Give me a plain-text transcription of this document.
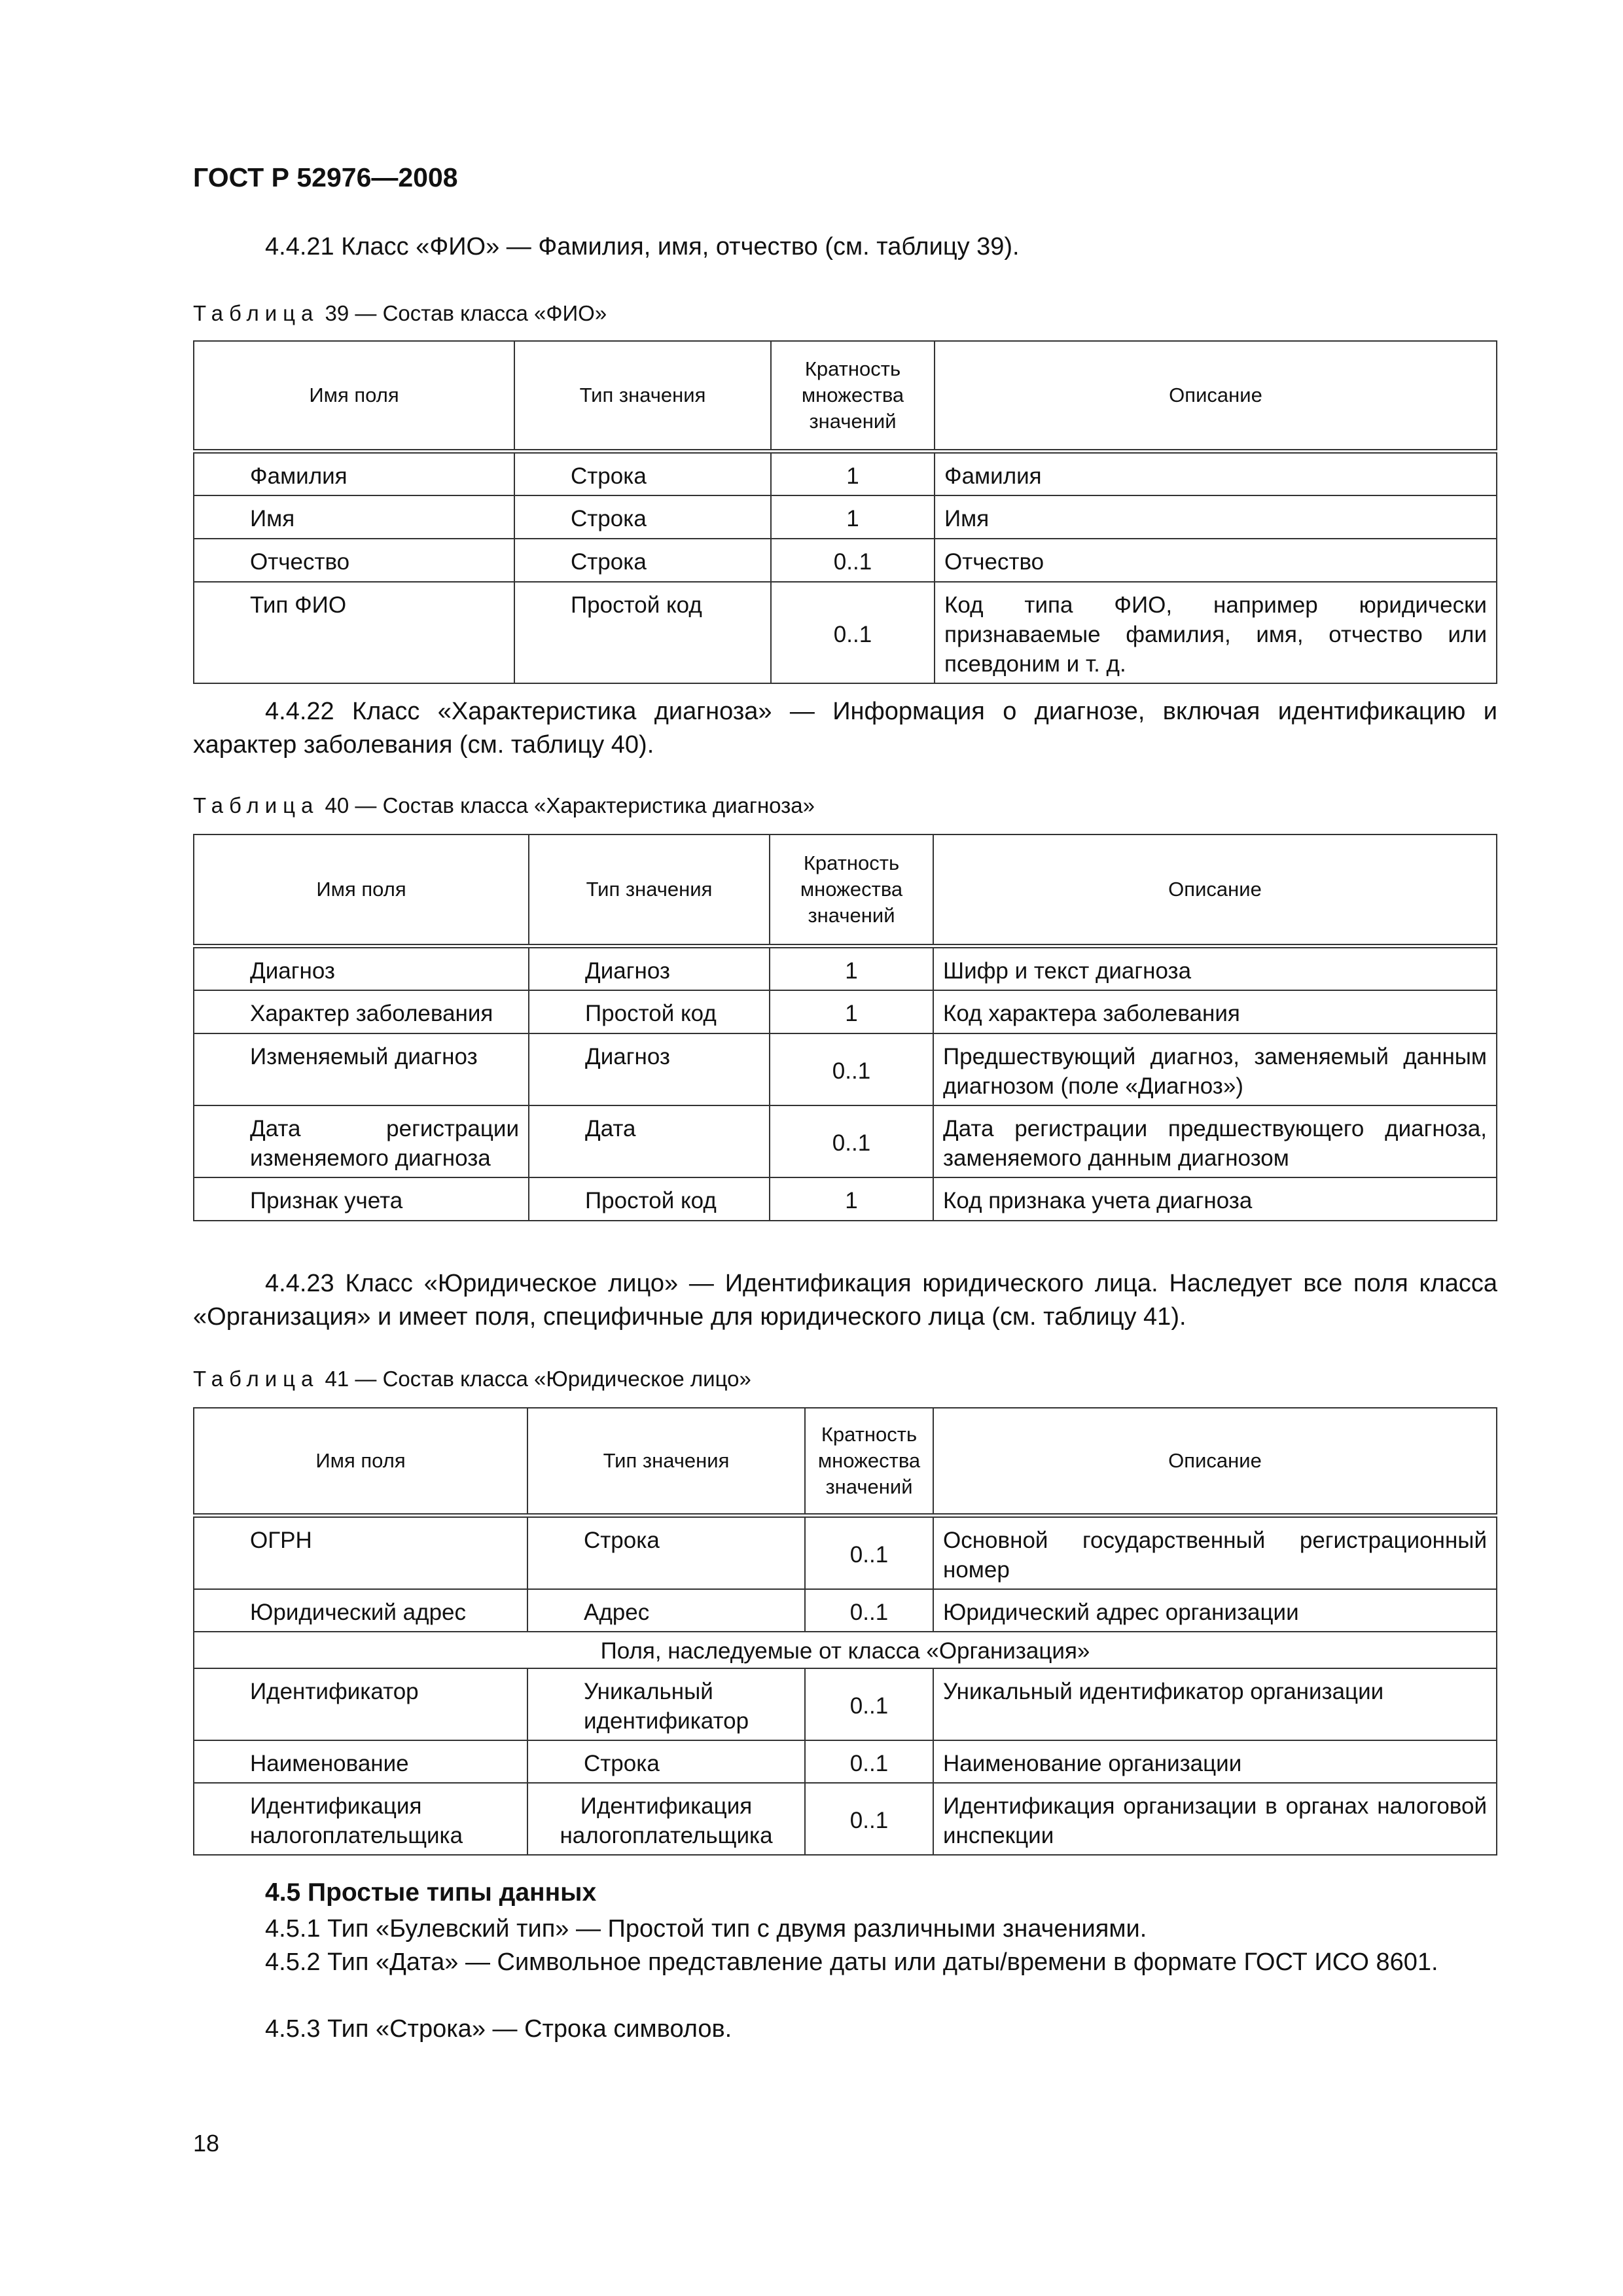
ГОСТ Р 52976—2008
4.4.21 Класс «ФИО» — Фамилия, имя, отчество (см. таблицу 39).
Таблица 39 — Состав класса «ФИО»
Имя поля	Тип значения	Кратность
множества
значений	Описание
Фамилия	Строка	1	Фамилия
Имя	Строка	1	Имя
Отчество	Строка	0..1	Отчество
Тип ФИО	Простой код	0..1	Код типа ФИО, например юридически признаваемые фамилия, имя, отчество или псевдоним и т. д.
4.4.22 Класс «Характеристика диагноза» — Информация о диагнозе, включая идентификацию и характер заболевания (см. таблицу 40).
Таблица 40 — Состав класса «Характеристика диагноза»
Имя поля	Тип значения	Кратность
множества
значений	Описание
Диагноз	Диагноз	1	Шифр и текст диагноза
Характер заболевания	Простой код	1	Код характера заболевания
Изменяемый диагноз	Диагноз	0..1	Предшествующий диагноз, заменяемый данным диагнозом (поле «Диагноз»)
Дата регистрации изменяемого диагноза	Дата	0..1	Дата регистрации предшествующего диагноза, заменяемого данным диагнозом
Признак учета	Простой код	1	Код признака учета диагноза
4.4.23 Класс «Юридическое лицо» — Идентификация юридического лица. Наследует все поля класса «Организация» и имеет поля, специфичные для юридического лица (см. таблицу 41).
Таблица 41 — Состав класса «Юридическое лицо»
Имя поля	Тип значения	Кратность
множества
значений	Описание
ОГРН	Строка	0..1	Основной государственный регистрационный номер
Юридический адрес	Адрес	0..1	Юридический адрес организации
Поля, наследуемые от класса «Организация»			
Идентификатор	Уникальный идентификатор	0..1	Уникальный идентификатор организации
Наименование	Строка	0..1	Наименование организации
Идентификация налогоплательщика	Идентификация налогоплательщика	0..1	Идентификация организации в органах налоговой инспекции
4.5 Простые типы данных
4.5.1 Тип «Булевский тип» — Простой тип с двумя различными значениями.
4.5.2 Тип «Дата» — Символьное представление даты или даты/времени в формате ГОСТ ИСО 8601.
4.5.3 Тип «Строка» — Строка символов.
18
